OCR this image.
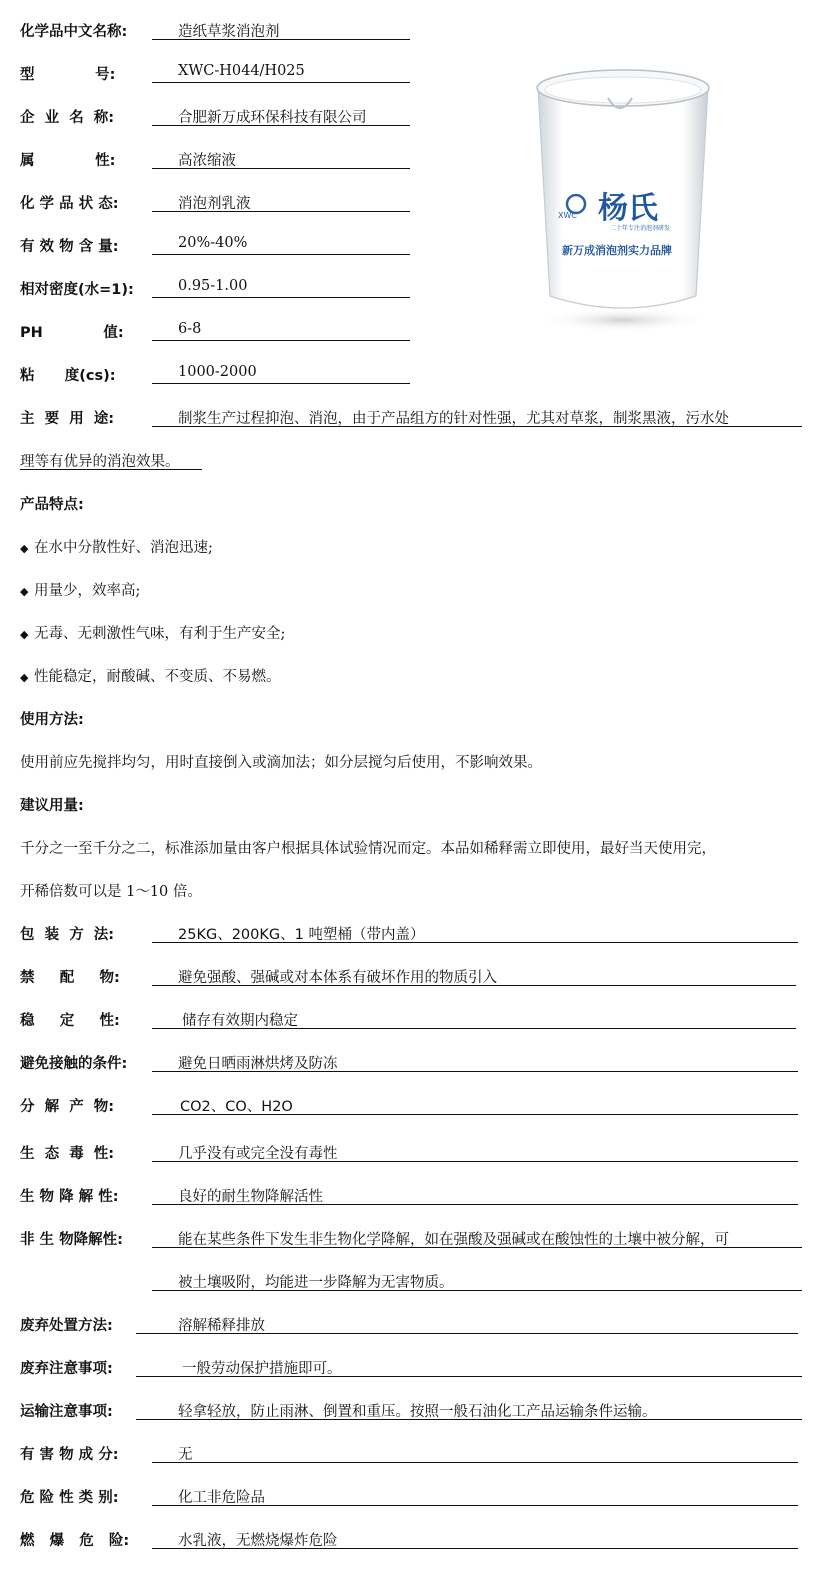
化学品中文名称:	造纸草浆消泡剂
型            号:	XWC-H044/H025
企  业  名  称:	合肥新万成环保科技有限公司
属            性:	高浓缩液
化 学 品 状 态:	消泡剂乳液
有 效 物 含 量:	20%-40%
相对密度(水=1):	0.95-1.00
PH            值:	6-8
粘      度(cs):	1000-2000
XWC 杨氏
二十年专注消泡剂研发
新万成消泡剂实力品牌
主  要  用  途:	制浆生产过程抑泡、消泡，由于产品组方的针对性强，尤其对草浆，制浆黑液，污水处
理等有优异的消泡效果。
产品特点:
◆ 在水中分散性好、消泡迅速;
◆ 用量少，效率高;
◆ 无毒、无刺激性气味，有利于生产安全;
◆ 性能稳定，耐酸碱、不变质、不易燃。
使用方法:
使用前应先搅拌均匀，用时直接倒入或滴加法；如分层搅匀后使用，不影响效果。
建议用量:
千分之一至千分之二，标准添加量由客户根据具体试验情况而定。本品如稀释需立即使用，最好当天使用完，
开稀倍数可以是 1～10 倍。
包  装  方  法:	25KG、200KG、1 吨塑桶（带内盖）
禁     配     物:	避免强酸、强碱或对本体系有破坏作用的物质引入
稳     定     性:	储存有效期内稳定
避免接触的条件:	避免日晒雨淋烘烤及防冻
分  解  产  物:	CO2、CO、H2O
生  态  毒  性:	几乎没有或完全没有毒性
生 物 降 解 性:	良好的耐生物降解活性
非 生 物降解性:	能在某些条件下发生非生物化学降解，如在强酸及强碱或在酸蚀性的土壤中被分解，可
被土壤吸附，均能进一步降解为无害物质。
废弃处置方法:	溶解稀释排放
废弃注意事项:	一般劳动保护措施即可。
运输注意事项:	轻拿轻放，防止雨淋、倒置和重压。按照一般石油化工产品运输条件运输。
有 害 物 成 分:	无
危 险 性 类 别:	化工非危险品
燃   爆   危   险:	水乳液，无燃烧爆炸危险
